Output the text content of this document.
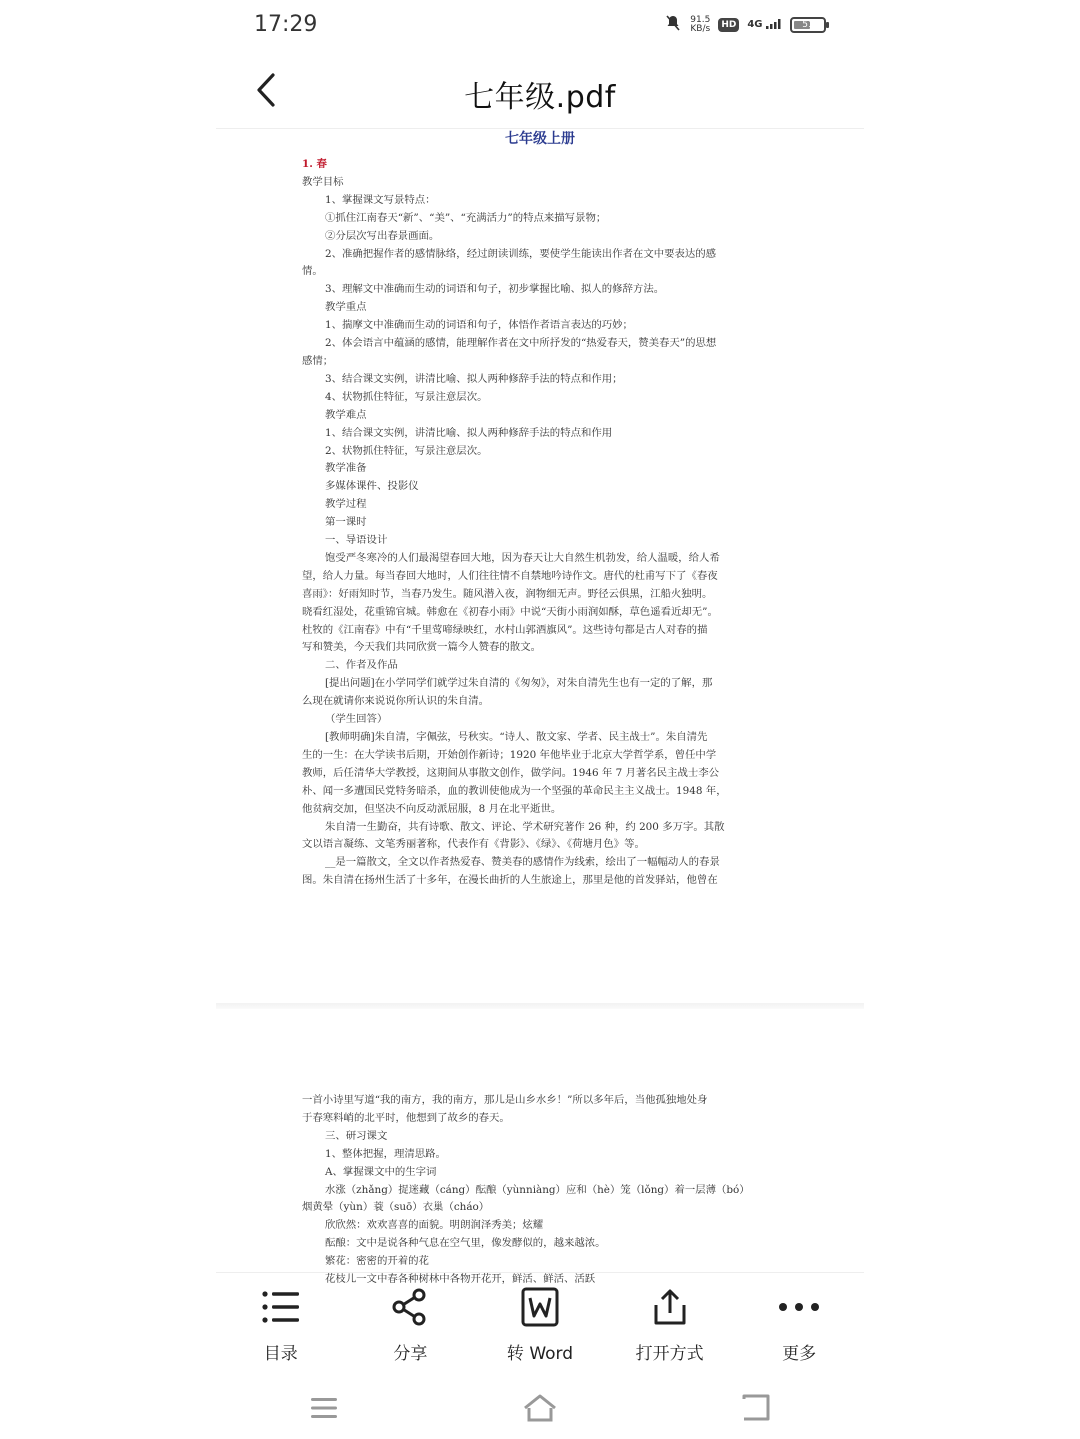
17:29	91.5
KB/s	HD	4G	51
七年级.pdf
七年级上册
1. 春
教学目标
1、掌握课文写景特点：
①抓住江南春天“新”、“美”、“充满活力”的特点来描写景物；
②分层次写出春景画面。
2、准确把握作者的感情脉络，经过朗读训练，要使学生能读出作者在文中要表达的感
情。
3、理解文中准确而生动的词语和句子，初步掌握比喻、拟人的修辞方法。
教学重点
1、揣摩文中准确而生动的词语和句子，体悟作者语言表达的巧妙；
2、体会语言中蕴涵的感情，能理解作者在文中所抒发的“热爱春天，赞美春天”的思想
感情；
3、结合课文实例，讲清比喻、拟人两种修辞手法的特点和作用；
4、状物抓住特征，写景注意层次。
教学难点
1、结合课文实例，讲清比喻、拟人两种修辞手法的特点和作用
2、状物抓住特征，写景注意层次。
教学准备
多媒体课件、投影仪
教学过程
第一课时
一、导语设计
饱受严冬寒冷的人们最渴望春回大地，因为春天让大自然生机勃发，给人温暖，给人希
望，给人力量。每当春回大地时，人们往往情不自禁地吟诗作文。唐代的杜甫写下了《春夜
喜雨》：好雨知时节，当春乃发生。随风潜入夜，润物细无声。野径云俱黑，江船火独明。
晓看红湿处，花重锦官城。韩愈在《初春小雨》中说“天街小雨润如酥，草色遥看近却无”。
杜牧的《江南春》中有“千里莺啼绿映红，水村山郭酒旗风”。这些诗句都是古人对春的描
写和赞美，今天我们共同欣赏一篇今人赞春的散文。
二、作者及作品
[提出问题]在小学同学们就学过朱自清的《匆匆》，对朱自清先生也有一定的了解，那
么现在就请你来说说你所认识的朱自清。
（学生回答）
[教师明确]朱自清，字佩弦，号秋实。“诗人、散文家、学者、民主战士”。朱自清先
生的一生：在大学读书后期，开始创作新诗；1920 年他毕业于北京大学哲学系，曾任中学
教师，后任清华大学教授，这期间从事散文创作，做学问。1946 年 7 月著名民主战士李公
朴、闻一多遭国民党特务暗杀，血的教训使他成为一个坚强的革命民主主义战士。1948 年，
他贫病交加，但坚决不向反动派屈服，8 月在北平逝世。
朱自清一生勤奋，共有诗歌、散文、评论、学术研究著作 26 种，约 200 多万字。其散
文以语言凝练、文笔秀丽著称，代表作有《背影》、《绿》、《荷塘月色》等。
__是一篇散文，全文以作者热爱春、赞美春的感情作为线索，绘出了一幅幅动人的春景
图。朱自清在扬州生活了十多年，在漫长曲折的人生旅途上，那里是他的首发驿站，他曾在
一首小诗里写道“我的南方，我的南方，那儿是山乡水乡！”所以多年后，当他孤独地处身
于春寒料峭的北平时，他想到了故乡的春天。
三、研习课文
1、整体把握，理清思路。
A、掌握课文中的生字词
水涨（zhǎng）捉迷藏（cáng）酝酿（yùnniàng）应和（hè）笼（lǒng）着一层薄（bó）
烟黄晕（yùn）蓑（suō）衣巢（cháo）
欣欣然：欢欢喜喜的面貌。明朗润泽秀美；炫耀
酝酿：文中是说各种气息在空气里，像发酵似的，越来越浓。
繁花：密密的开着的花
花枝儿一文中春各种树林中各物开花开，鲜活、鲜活、活跃
目录	分享	转 Word	打开方式	更多
